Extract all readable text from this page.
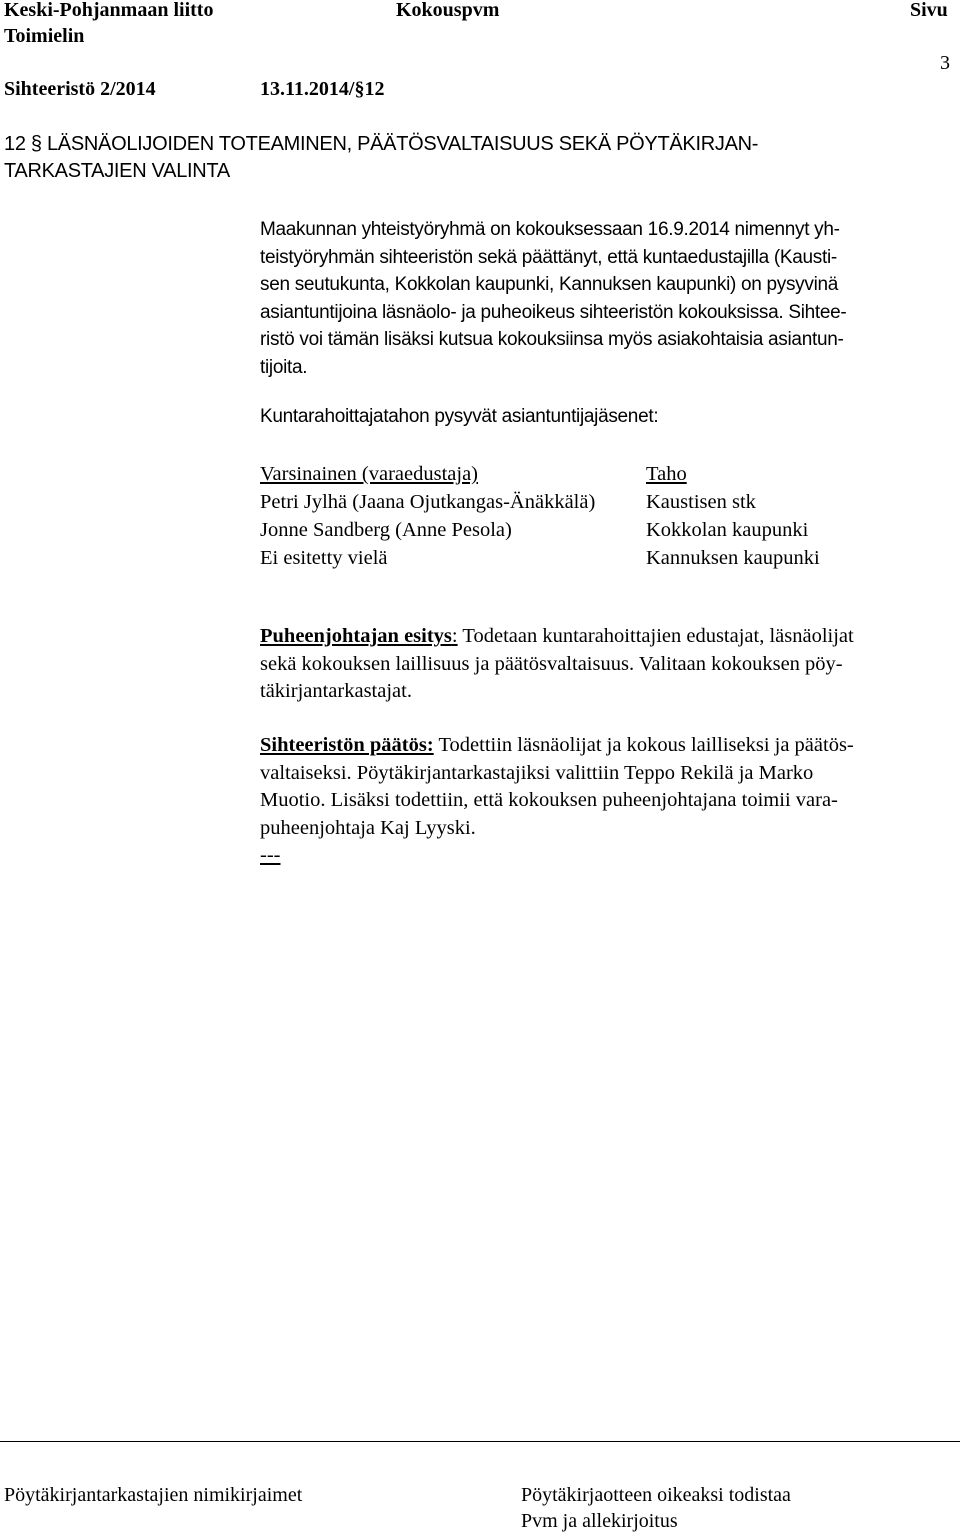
Keski-Pohjanmaan liitto	Kokouspvm	Sivu
Toimielin
3
Sihteeristö 2/2014	13.11.2014/§12
12 § LÄSNÄOLIJOIDEN TOTEAMINEN, PÄÄTÖSVALTAISUUS SEKÄ PÖYTÄKIRJAN-
TARKASTAJIEN VALINTA
Maakunnan yhteistyöryhmä on kokouksessaan 16.9.2014 nimennyt yh-
teistyöryhmän sihteeristön sekä päättänyt, että kuntaedustajilla (Kausti-
sen seutukunta, Kokkolan kaupunki, Kannuksen kaupunki) on pysyvinä
asiantuntijoina läsnäolo- ja puheoikeus sihteeristön kokouksissa. Sihtee-
ristö voi tämän lisäksi kutsua kokouksiinsa myös asiakohtaisia asiantun-
tijoita.
Kuntarahoittajatahon pysyvät asiantuntijajäsenet:
Varsinainen (varaedustaja)	Taho
Petri Jylhä (Jaana Ojutkangas-Änäkkälä) Kaustisen stk
Jonne Sandberg (Anne Pesola)	Kokkolan kaupunki
Ei esitetty vielä	Kannuksen kaupunki
Puheenjohtajan esitys: Todetaan kuntarahoittajien edustajat, läsnäolijat
sekä kokouksen laillisuus ja päätösvaltaisuus. Valitaan kokouksen pöy-
täkirjantarkastajat.
Sihteeristön päätös: Todettiin läsnäolijat ja kokous lailliseksi ja päätös-
valtaiseksi. Pöytäkirjantarkastajiksi valittiin Teppo Rekilä ja Marko
Muotio. Lisäksi todettiin, että kokouksen puheenjohtajana toimii vara-
puheenjohtaja Kaj Lyyski.
---
Pöytäkirjantarkastajien nimikirjaimet	Pöytäkirjaotteen oikeaksi todistaa
Pvm ja allekirjoitus
